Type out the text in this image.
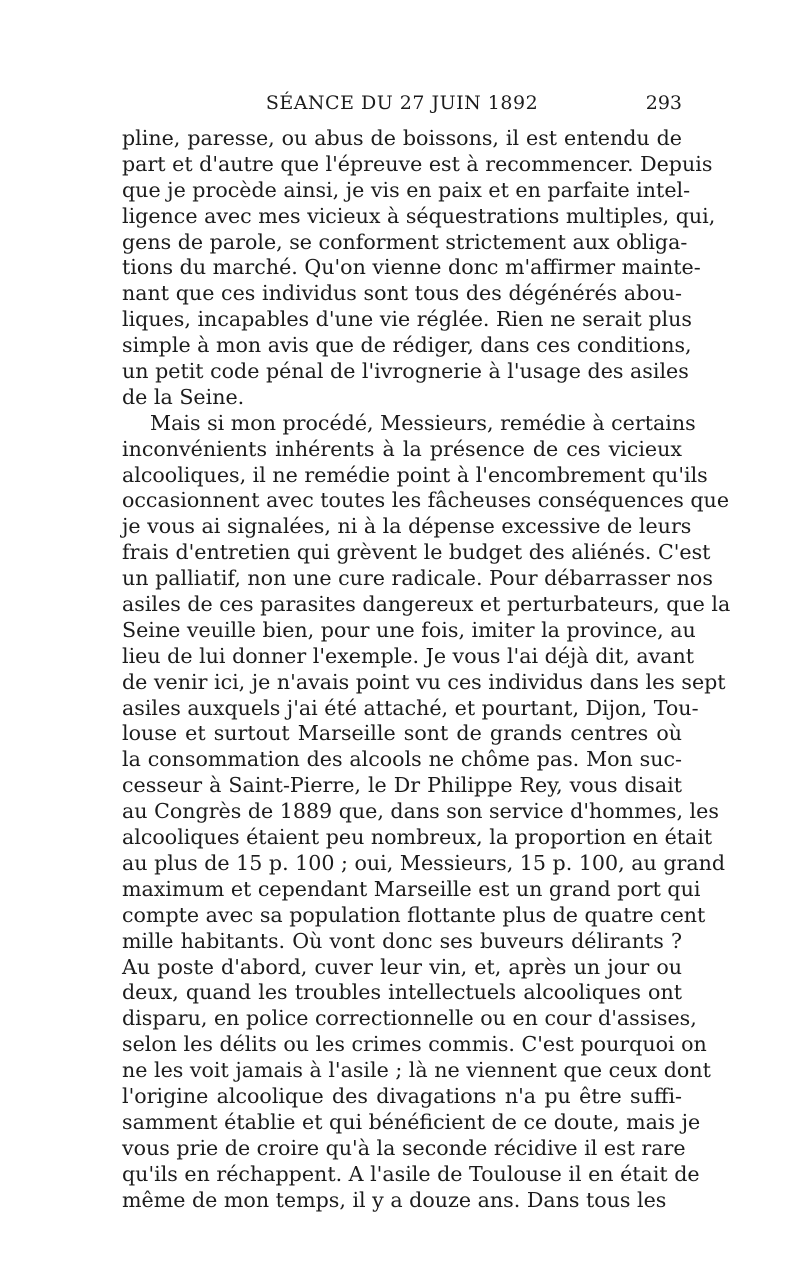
SÉANCE DU 27 JUIN 1892	293
pline, paresse, ou abus de boissons, il est entendu de
part et d'autre que l'épreuve est à recommencer. Depuis
que je procède ainsi, je vis en paix et en parfaite intel-
ligence avec mes vicieux à séquestrations multiples, qui,
gens de parole, se conforment strictement aux obliga-
tions du marché. Qu'on vienne donc m'affirmer mainte-
nant que ces individus sont tous des dégénérés abou-
liques, incapables d'une vie réglée. Rien ne serait plus
simple à mon avis que de rédiger, dans ces conditions,
un petit code pénal de l'ivrognerie à l'usage des asiles
de la Seine.
Mais si mon procédé, Messieurs, remédie à certains
inconvénients inhérents à la présence de ces vicieux
alcooliques, il ne remédie point à l'encombrement qu'ils
occasionnent avec toutes les fâcheuses conséquences que
je vous ai signalées, ni à la dépense excessive de leurs
frais d'entretien qui grèvent le budget des aliénés. C'est
un palliatif, non une cure radicale. Pour débarrasser nos
asiles de ces parasites dangereux et perturbateurs, que la
Seine veuille bien, pour une fois, imiter la province, au
lieu de lui donner l'exemple. Je vous l'ai déjà dit, avant
de venir ici, je n'avais point vu ces individus dans les sept
asiles auxquels j'ai été attaché, et pourtant, Dijon, Tou-
louse et surtout Marseille sont de grands centres où
la consommation des alcools ne chôme pas. Mon suc-
cesseur à Saint-Pierre, le Dr Philippe Rey, vous disait
au Congrès de 1889 que, dans son service d'hommes, les
alcooliques étaient peu nombreux, la proportion en était
au plus de 15 p. 100 ; oui, Messieurs, 15 p. 100, au grand
maximum et cependant Marseille est un grand port qui
compte avec sa population flottante plus de quatre cent
mille habitants. Où vont donc ses buveurs délirants ?
Au poste d'abord, cuver leur vin, et, après un jour ou
deux, quand les troubles intellectuels alcooliques ont
disparu, en police correctionnelle ou en cour d'assises,
selon les délits ou les crimes commis. C'est pourquoi on
ne les voit jamais à l'asile ; là ne viennent que ceux dont
l'origine alcoolique des divagations n'a pu être suffi-
samment établie et qui bénéficient de ce doute, mais je
vous prie de croire qu'à la seconde récidive il est rare
qu'ils en réchappent. A l'asile de Toulouse il en était de
même de mon temps, il y a douze ans. Dans tous les
